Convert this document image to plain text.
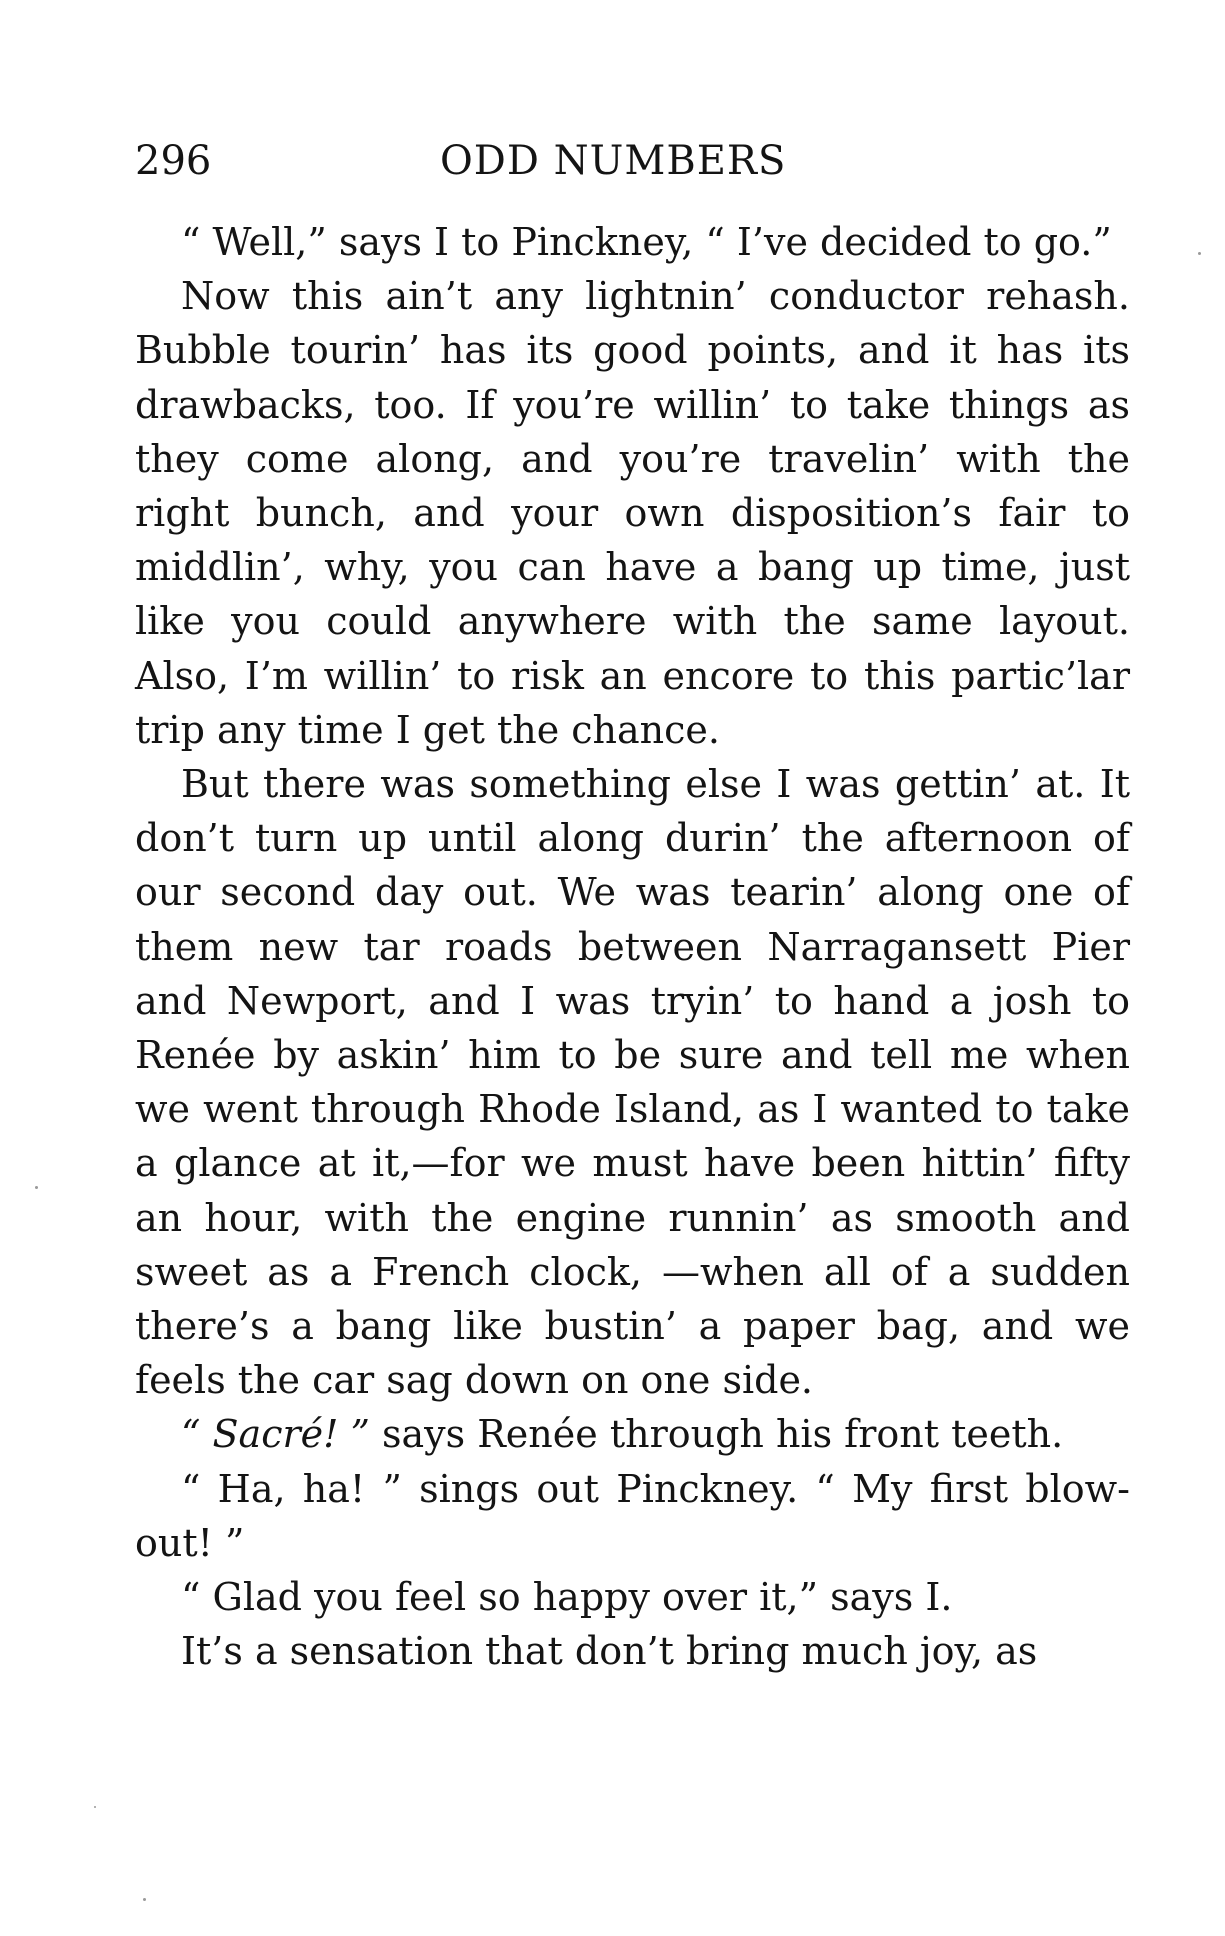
296	ODD NUMBERS

“ Well,” says I to Pinckney, “ I’ve decided to go.”

Now this ain’t any lightnin’ conductor rehash. Bubble tourin’ has its good points, and it has its drawbacks, too. If you’re willin’ to take things as they come along, and you’re travelin’ with the right bunch, and your own disposition’s fair to middlin’, why, you can have a bang up time, just like you could anywhere with the same layout. Also, I’m willin’ to risk an encore to this partic’lar trip any time I get the chance.

But there was something else I was gettin’ at. It don’t turn up until along durin’ the afternoon of our second day out. We was tearin’ along one of them new tar roads between Narragansett Pier and Newport, and I was tryin’ to hand a josh to Renée by askin’ him to be sure and tell me when we went through Rhode Island, as I wanted to take a glance at it,—for we must have been hittin’ fifty an hour, with the engine runnin’ as smooth and sweet as a French clock, —when all of a sudden there’s a bang like bustin’ a paper bag, and we feels the car sag down on one side.

“ Sacré! ” says Renée through his front teeth.

“ Ha, ha! ” sings out Pinckney. “ My first blow-out! ”

“ Glad you feel so happy over it,” says I.

It’s a sensation that don’t bring much joy, as
